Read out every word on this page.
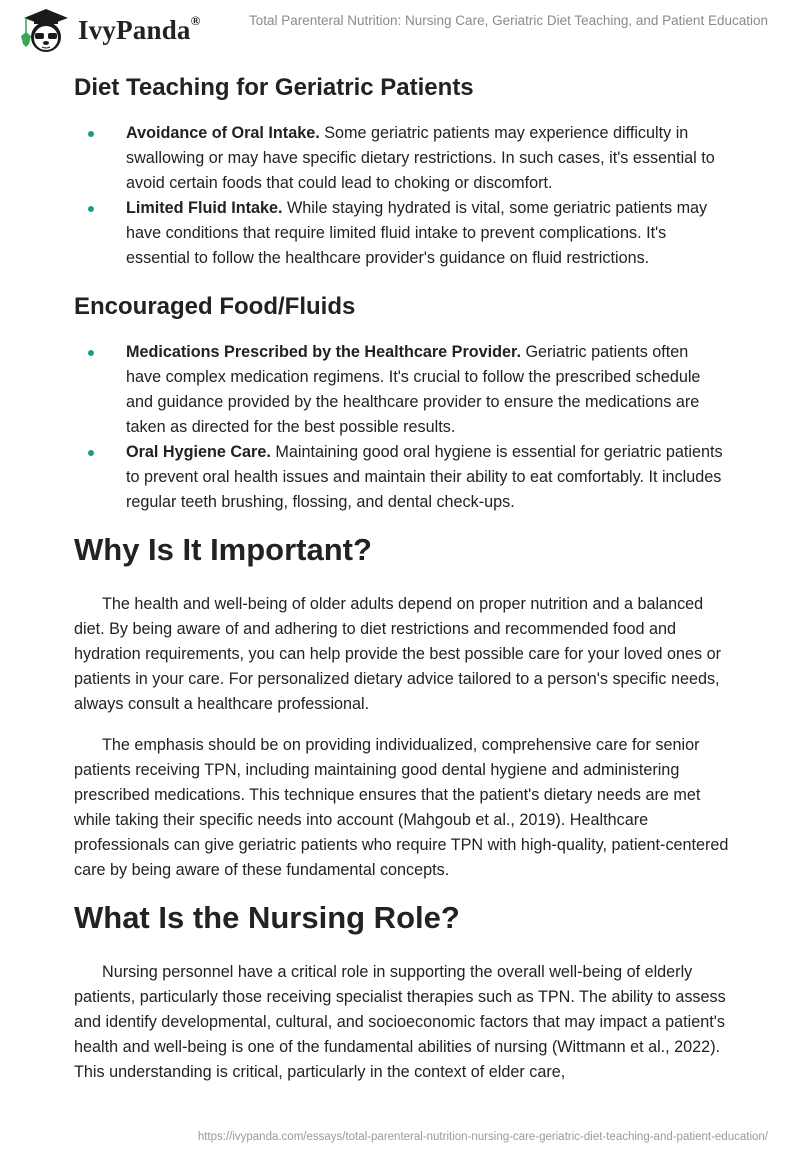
IvyPanda®	Total Parenteral Nutrition: Nursing Care, Geriatric Diet Teaching, and Patient Education
Diet Teaching for Geriatric Patients
Avoidance of Oral Intake. Some geriatric patients may experience difficulty in swallowing or may have specific dietary restrictions. In such cases, it's essential to avoid certain foods that could lead to choking or discomfort.
Limited Fluid Intake. While staying hydrated is vital, some geriatric patients may have conditions that require limited fluid intake to prevent complications. It's essential to follow the healthcare provider's guidance on fluid restrictions.
Encouraged Food/Fluids
Medications Prescribed by the Healthcare Provider. Geriatric patients often have complex medication regimens. It's crucial to follow the prescribed schedule and guidance provided by the healthcare provider to ensure the medications are taken as directed for the best possible results.
Oral Hygiene Care. Maintaining good oral hygiene is essential for geriatric patients to prevent oral health issues and maintain their ability to eat comfortably. It includes regular teeth brushing, flossing, and dental check-ups.
Why Is It Important?

The health and well-being of older adults depend on proper nutrition and a balanced diet. By being aware of and adhering to diet restrictions and recommended food and hydration requirements, you can help provide the best possible care for your loved ones or patients in your care. For personalized dietary advice tailored to a person's specific needs, always consult a healthcare professional.

The emphasis should be on providing individualized, comprehensive care for senior patients receiving TPN, including maintaining good dental hygiene and administering prescribed medications. This technique ensures that the patient's dietary needs are met while taking their specific needs into account (Mahgoub et al., 2019). Healthcare professionals can give geriatric patients who require TPN with high-quality, patient-centered care by being aware of these fundamental concepts.

What Is the Nursing Role?

Nursing personnel have a critical role in supporting the overall well-being of elderly patients, particularly those receiving specialist therapies such as TPN. The ability to assess and identify developmental, cultural, and socioeconomic factors that may impact a patient's health and well-being is one of the fundamental abilities of nursing (Wittmann et al., 2022). This understanding is critical, particularly in the context of elder care,

https://ivypanda.com/essays/total-parenteral-nutrition-nursing-care-geriatric-diet-teaching-and-patient-education/
